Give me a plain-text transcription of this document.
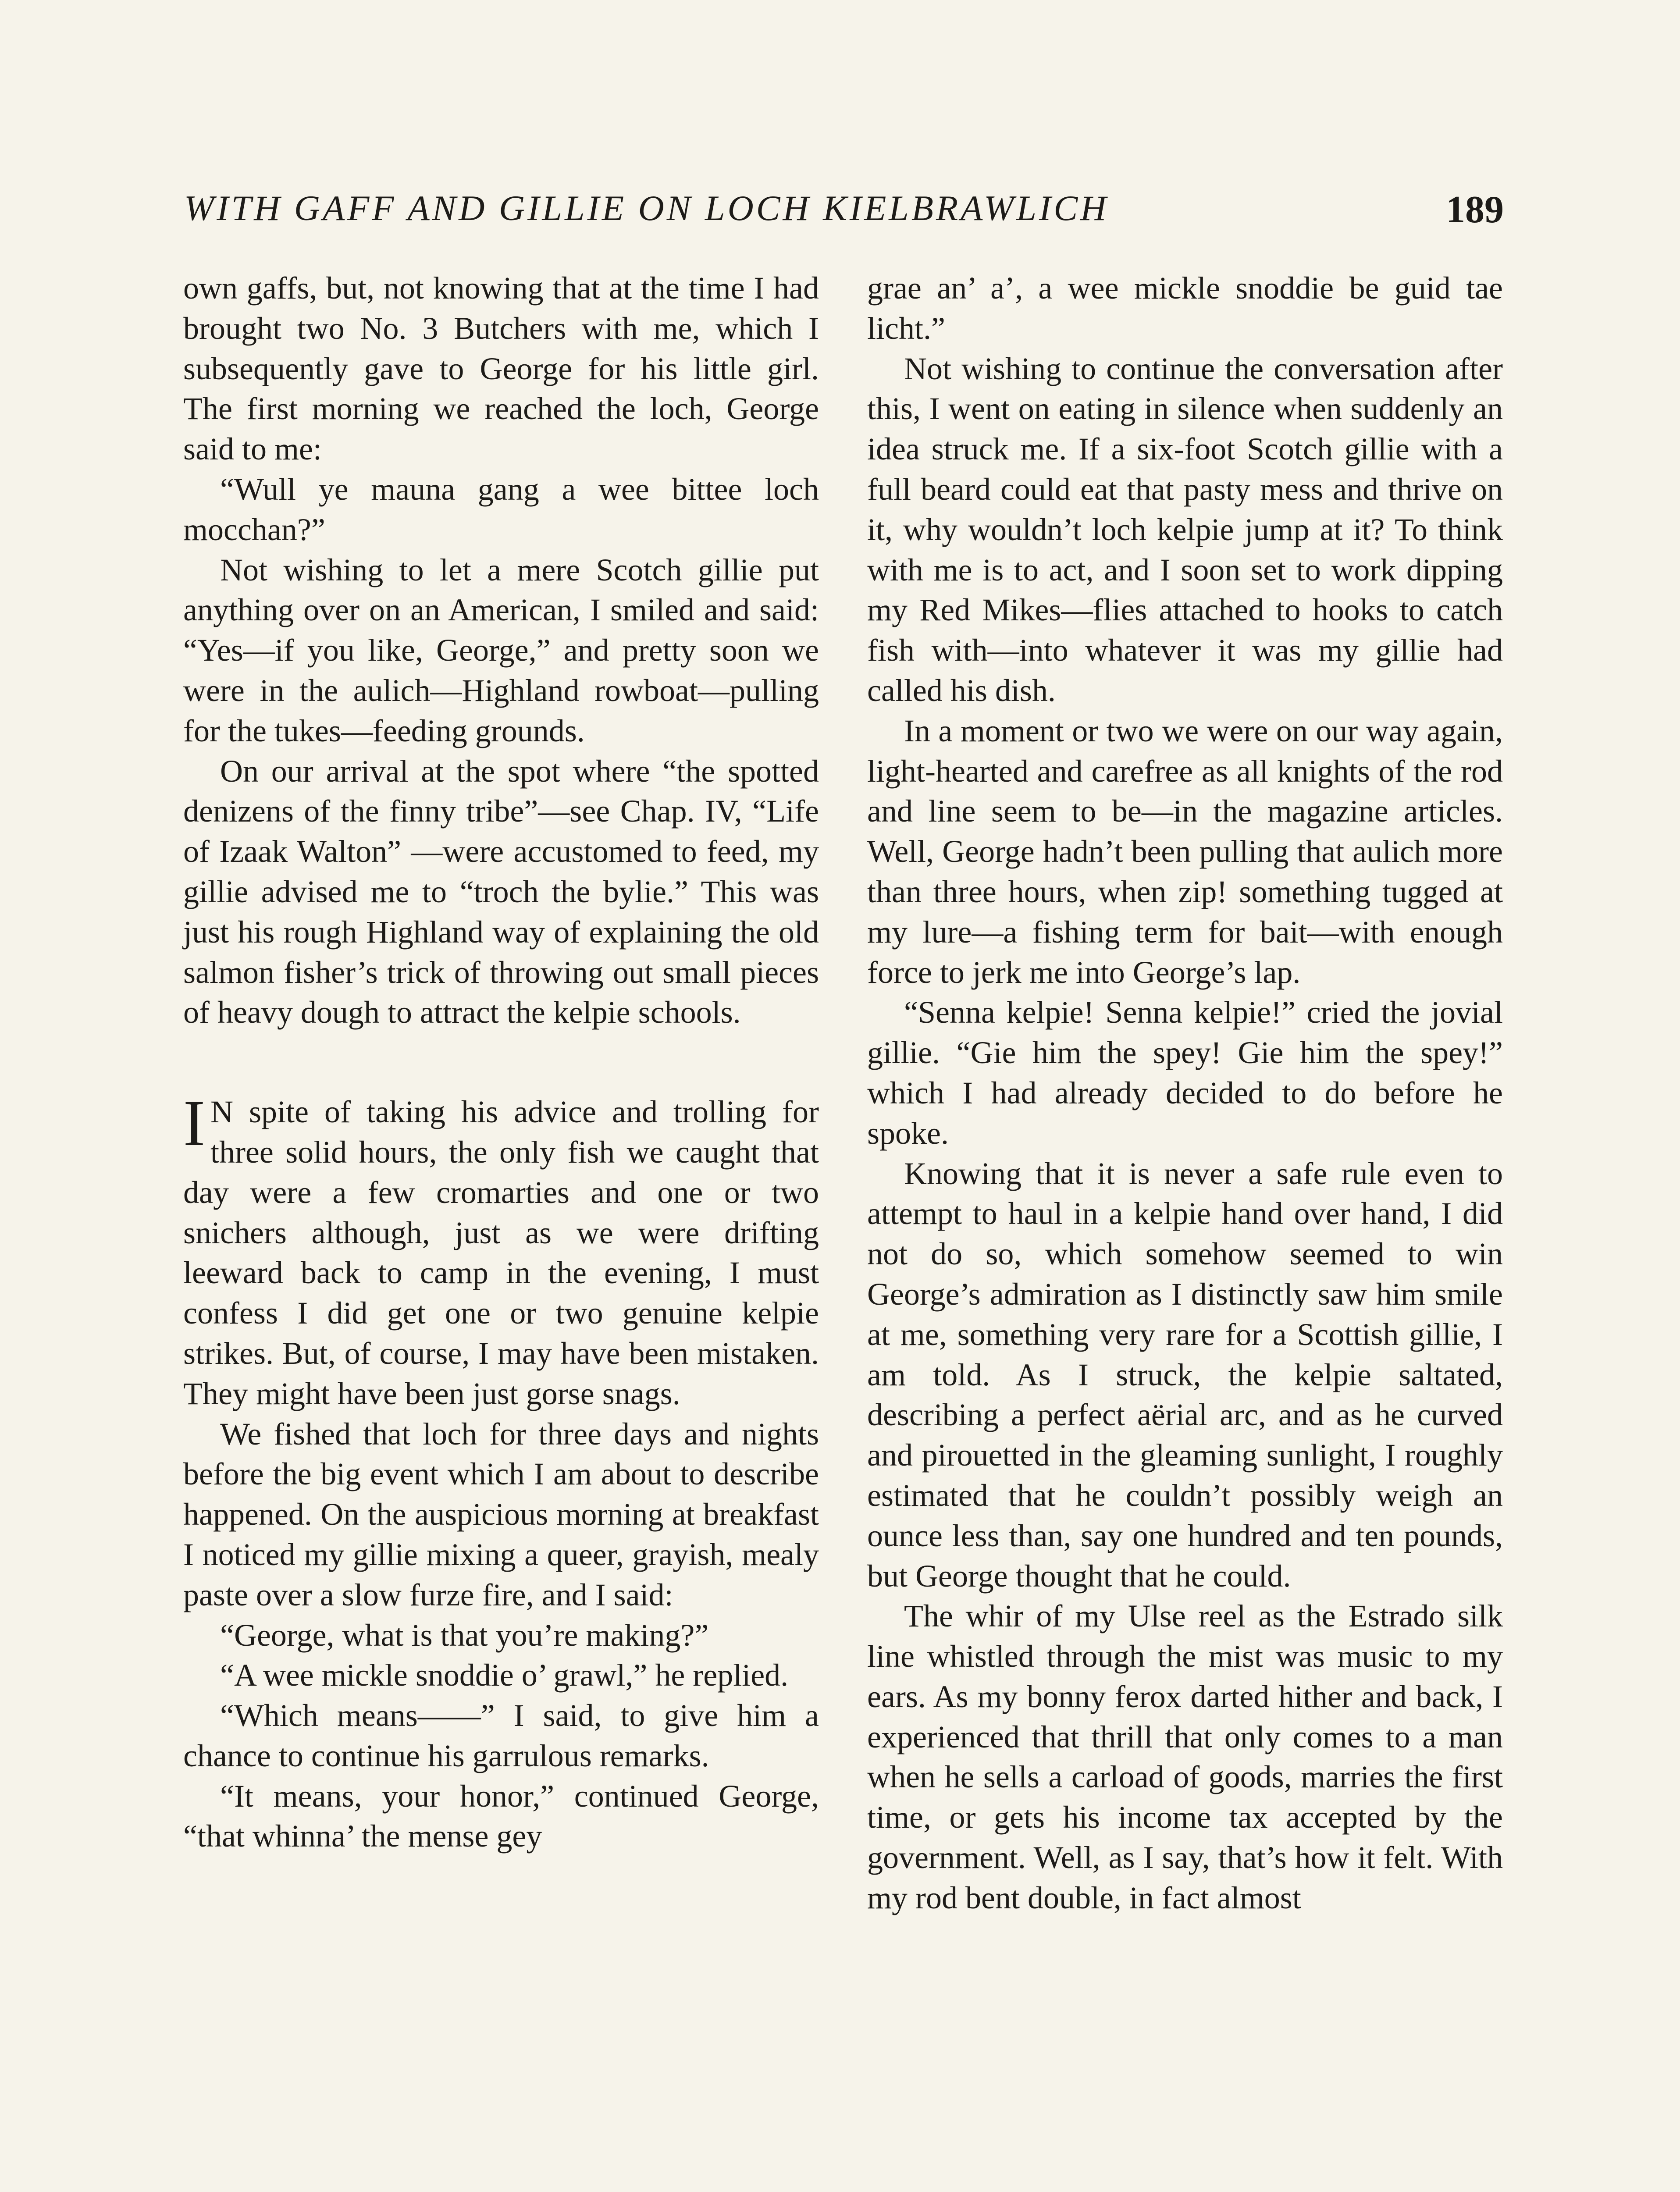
WITH GAFF AND GILLIE ON LOCH KIELBRAWLICH	189

own gaffs, but, not knowing that at the time I had brought two No. 3 Butchers with me, which I subsequently gave to George for his little girl. The first morning we reached the loch, George said to me:

“Wull ye mauna gang a wee bittee loch mocchan?”

Not wishing to let a mere Scotch gillie put anything over on an American, I smiled and said: “Yes—if you like, George,” and pretty soon we were in the aulich—Highland rowboat—pulling for the tukes—feeding grounds.

On our arrival at the spot where “the spotted denizens of the finny tribe”—see Chap. IV, “Life of Izaak Walton” —were accustomed to feed, my gillie advised me to “troch the bylie.” This was just his rough Highland way of explaining the old salmon fisher’s trick of throwing out small pieces of heavy dough to attract the kelpie schools.

I N spite of taking his advice and trolling for three solid hours, the only fish we caught that day were a few cromarties and one or two snichers although, just as we were drifting leeward back to camp in the evening, I must confess I did get one or two genuine kelpie strikes. But, of course, I may have been mistaken. They might have been just gorse snags.

We fished that loch for three days and nights before the big event which I am about to describe happened. On the auspicious morning at breakfast I noticed my gillie mixing a queer, grayish, mealy paste over a slow furze fire, and I said:

“George, what is that you’re making?”

“A wee mickle snoddie o’ grawl,” he replied.

“Which means——” I said, to give him a chance to continue his garrulous remarks.

“It means, your honor,” continued George, “that whinna’ the mense gey

grae an’ a’, a wee mickle snoddie be guid tae licht.”

Not wishing to continue the conversation after this, I went on eating in silence when suddenly an idea struck me. If a six-foot Scotch gillie with a full beard could eat that pasty mess and thrive on it, why wouldn’t loch kelpie jump at it? To think with me is to act, and I soon set to work dipping my Red Mikes—flies attached to hooks to catch fish with—into whatever it was my gillie had called his dish.

In a moment or two we were on our way again, light-hearted and carefree as all knights of the rod and line seem to be—in the magazine articles. Well, George hadn’t been pulling that aulich more than three hours, when zip! something tugged at my lure—a fishing term for bait—with enough force to jerk me into George’s lap.

“Senna kelpie! Senna kelpie!” cried the jovial gillie. “Gie him the spey! Gie him the spey!” which I had already decided to do before he spoke.

Knowing that it is never a safe rule even to attempt to haul in a kelpie hand over hand, I did not do so, which somehow seemed to win George’s admiration as I distinctly saw him smile at me, something very rare for a Scottish gillie, I am told. As I struck, the kelpie saltated, describing a perfect aërial arc, and as he curved and pirouetted in the gleaming sunlight, I roughly estimated that he couldn’t possibly weigh an ounce less than, say one hundred and ten pounds, but George thought that he could.

The whir of my Ulse reel as the Estrado silk line whistled through the mist was music to my ears. As my bonny ferox darted hither and back, I experienced that thrill that only comes to a man when he sells a carload of goods, marries the first time, or gets his income tax accepted by the government. Well, as I say, that’s how it felt. With my rod bent double, in fact almost
